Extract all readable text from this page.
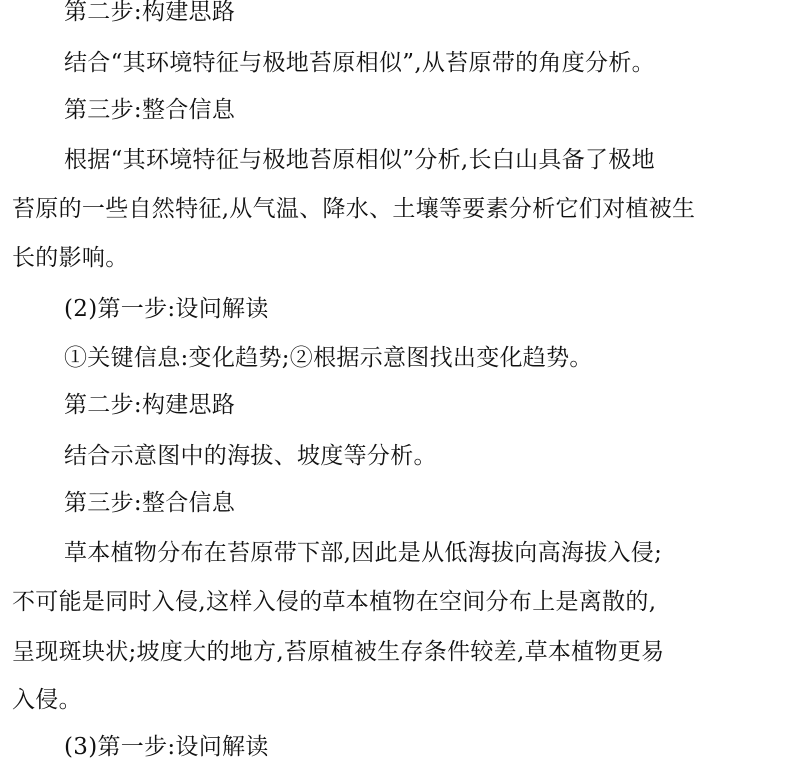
第二步:构建思路
结合“其环境特征与极地苔原相似”,从苔原带的角度分析。
第三步:整合信息
根据“其环境特征与极地苔原相似”分析,长白山具备了极地
苔原的一些自然特征,从气温、降水、土壤等要素分析它们对植被生
长的影响。
(2)第一步:设问解读
①关键信息:变化趋势;②根据示意图找出变化趋势。
第二步:构建思路
结合示意图中的海拔、坡度等分析。
第三步:整合信息
草本植物分布在苔原带下部,因此是从低海拔向高海拔入侵;
不可能是同时入侵,这样入侵的草本植物在空间分布上是离散的,
呈现斑块状;坡度大的地方,苔原植被生存条件较差,草本植物更易
入侵。
(3)第一步:设问解读
